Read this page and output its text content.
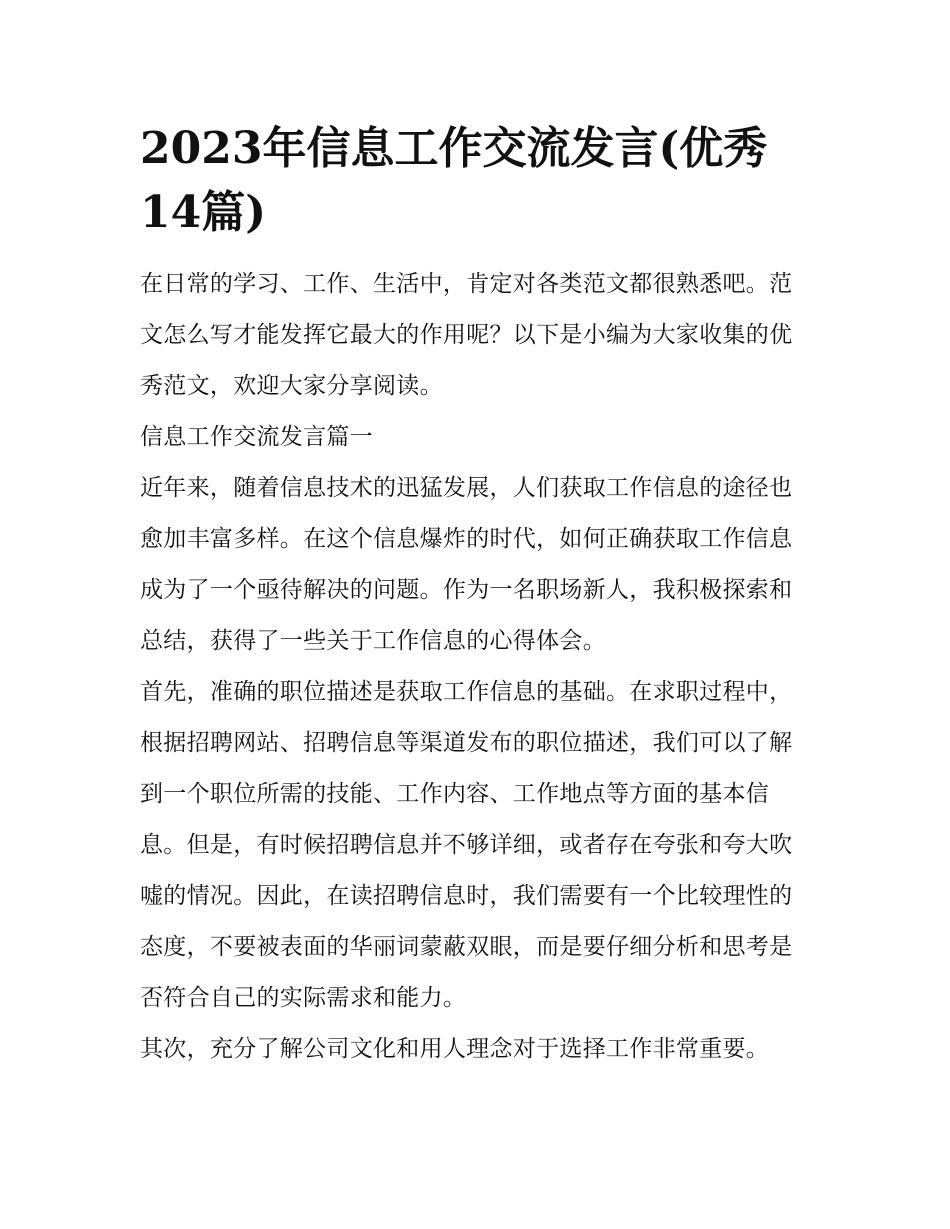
2023年信息工作交流发言(优秀14篇)

在日常的学习、工作、生活中，肯定对各类范文都很熟悉吧。范文怎么写才能发挥它最大的作用呢？以下是小编为大家收集的优秀范文，欢迎大家分享阅读。

信息工作交流发言篇一

近年来，随着信息技术的迅猛发展，人们获取工作信息的途径也愈加丰富多样。在这个信息爆炸的时代，如何正确获取工作信息成为了一个亟待解决的问题。作为一名职场新人，我积极探索和总结，获得了一些关于工作信息的心得体会。

首先，准确的职位描述是获取工作信息的基础。在求职过程中，根据招聘网站、招聘信息等渠道发布的职位描述，我们可以了解到一个职位所需的技能、工作内容、工作地点等方面的基本信息。但是，有时候招聘信息并不够详细，或者存在夸张和夸大吹嘘的情况。因此，在读招聘信息时，我们需要有一个比较理性的态度，不要被表面的华丽词蒙蔽双眼，而是要仔细分析和思考是否符合自己的实际需求和能力。

其次，充分了解公司文化和用人理念对于选择工作非常重要。
